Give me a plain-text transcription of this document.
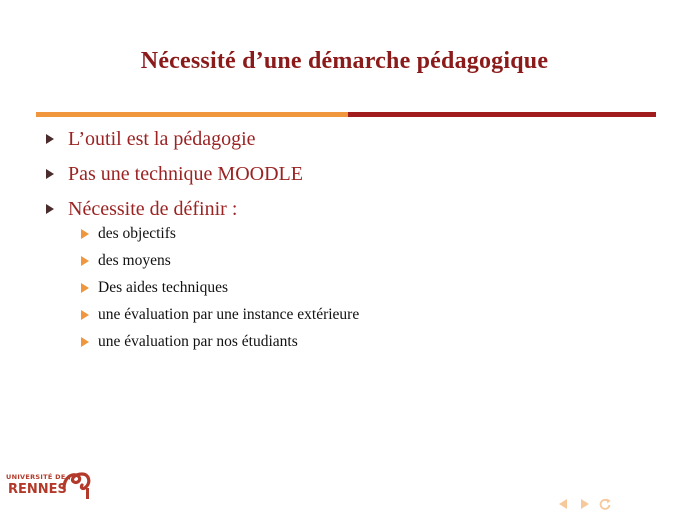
Nécessité d’une démarche pédagogique
L’outil est la pédagogie
Pas une technique MOODLE
Nécessite de définir :
des objectifs
des moyens
Des aides techniques
une évaluation par une instance extérieure
une évaluation par nos étudiants
UNIVERSITÉ DE
RENNES
